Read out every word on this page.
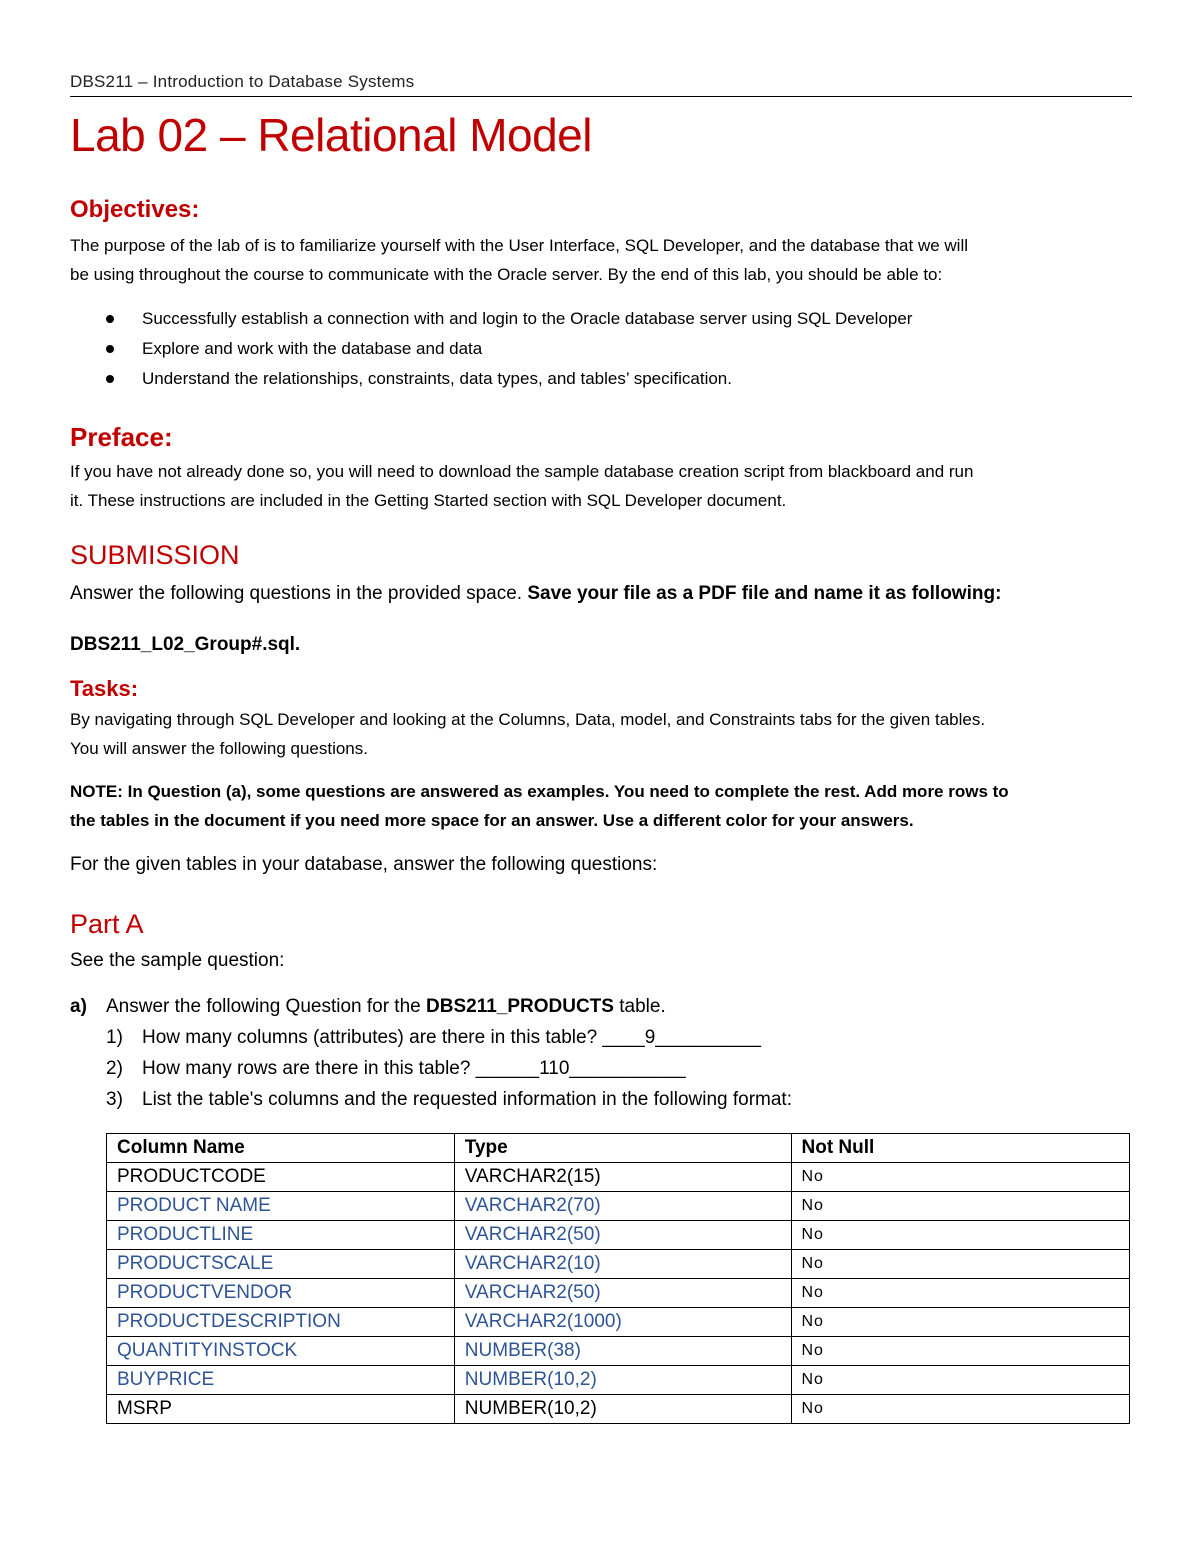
DBS211 – Introduction to Database Systems
Lab 02 – Relational Model
Objectives:
The purpose of the lab of is to familiarize yourself with the User Interface, SQL Developer, and the database that we will
be using throughout the course to communicate with the Oracle server. By the end of this lab, you should be able to:
Successfully establish a connection with and login to the Oracle database server using SQL Developer
Explore and work with the database and data
Understand the relationships, constraints, data types, and tables’ specification.
Preface:
If you have not already done so, you will need to download the sample database creation script from blackboard and run
it. These instructions are included in the Getting Started section with SQL Developer document.
SUBMISSION
Answer the following questions in the provided space. Save your file as a PDF file and name it as following:
DBS211_L02_Group#.sql.
Tasks:
By navigating through SQL Developer and looking at the Columns, Data, model, and Constraints tabs for the given tables.
You will answer the following questions.
NOTE: In Question (a), some questions are answered as examples. You need to complete the rest. Add more rows to
the tables in the document if you need more space for an answer. Use a different color for your answers.
For the given tables in your database, answer the following questions:
Part A
See the sample question:
a) Answer the following Question for the DBS211_PRODUCTS table.
1) How many columns (attributes) are there in this table? ____9__________
2) How many rows are there in this table? ______110___________
3) List the table's columns and the requested information in the following format:
Column Name	Type	Not Null
PRODUCTCODE	VARCHAR2(15)	No
PRODUCT NAME	VARCHAR2(70)	No
PRODUCTLINE	VARCHAR2(50)	No
PRODUCTSCALE	VARCHAR2(10)	No
PRODUCTVENDOR	VARCHAR2(50)	No
PRODUCTDESCRIPTION	VARCHAR2(1000)	No
QUANTITYINSTOCK	NUMBER(38)	No
BUYPRICE	NUMBER(10,2)	No
MSRP	NUMBER(10,2)	No
